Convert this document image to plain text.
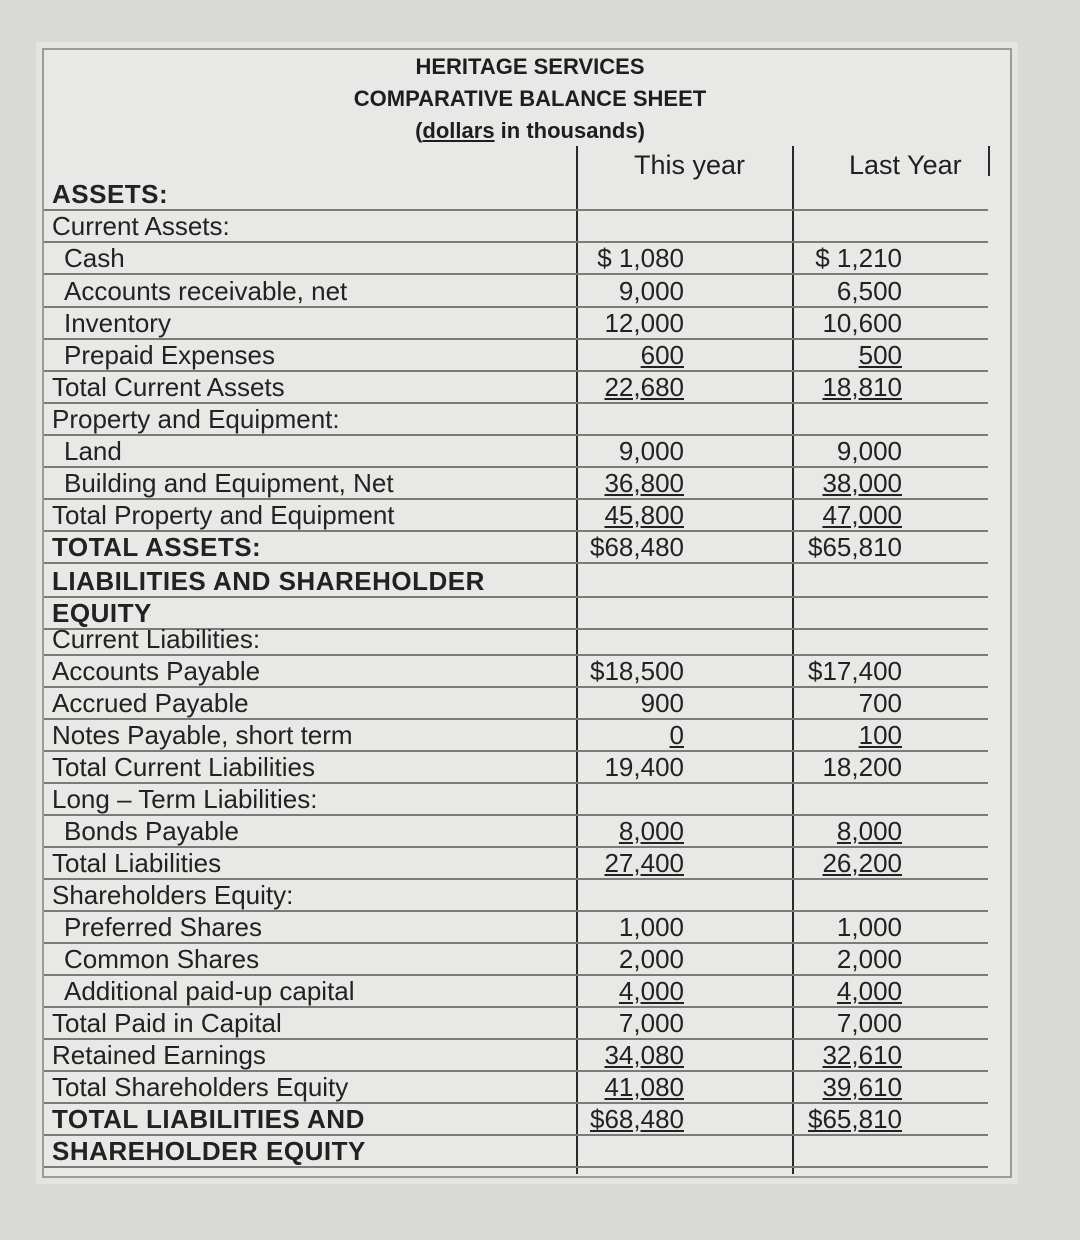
HERITAGE SERVICES
COMPARATIVE BALANCE SHEET
(dollars in thousands)
This year	Last Year
ASSETS:
Current Assets:
Cash	$ 1,080	$ 1,210
Accounts receivable, net	9,000	6,500
Inventory	12,000	10,600
Prepaid Expenses	600	500
Total Current Assets	22,680	18,810
Property and Equipment:
Land	9,000	9,000
Building and Equipment, Net	36,800	38,000
Total Property and Equipment	45,800	47,000
TOTAL ASSETS:	$68,480	$65,810
LIABILITIES AND SHAREHOLDER
EQUITY
Current Liabilities:
Accounts Payable	$18,500	$17,400
Accrued Payable	900	700
Notes Payable, short term	0	100
Total Current Liabilities	19,400	18,200
Long – Term Liabilities:
Bonds Payable	8,000	8,000
Total Liabilities	27,400	26,200
Shareholders Equity:
Preferred Shares	1,000	1,000
Common Shares	2,000	2,000
Additional paid-up capital	4,000	4,000
Total Paid in Capital	7,000	7,000
Retained Earnings	34,080	32,610
Total Shareholders Equity	41,080	39,610
TOTAL LIABILITIES AND	$68,480	$65,810
SHAREHOLDER EQUITY
